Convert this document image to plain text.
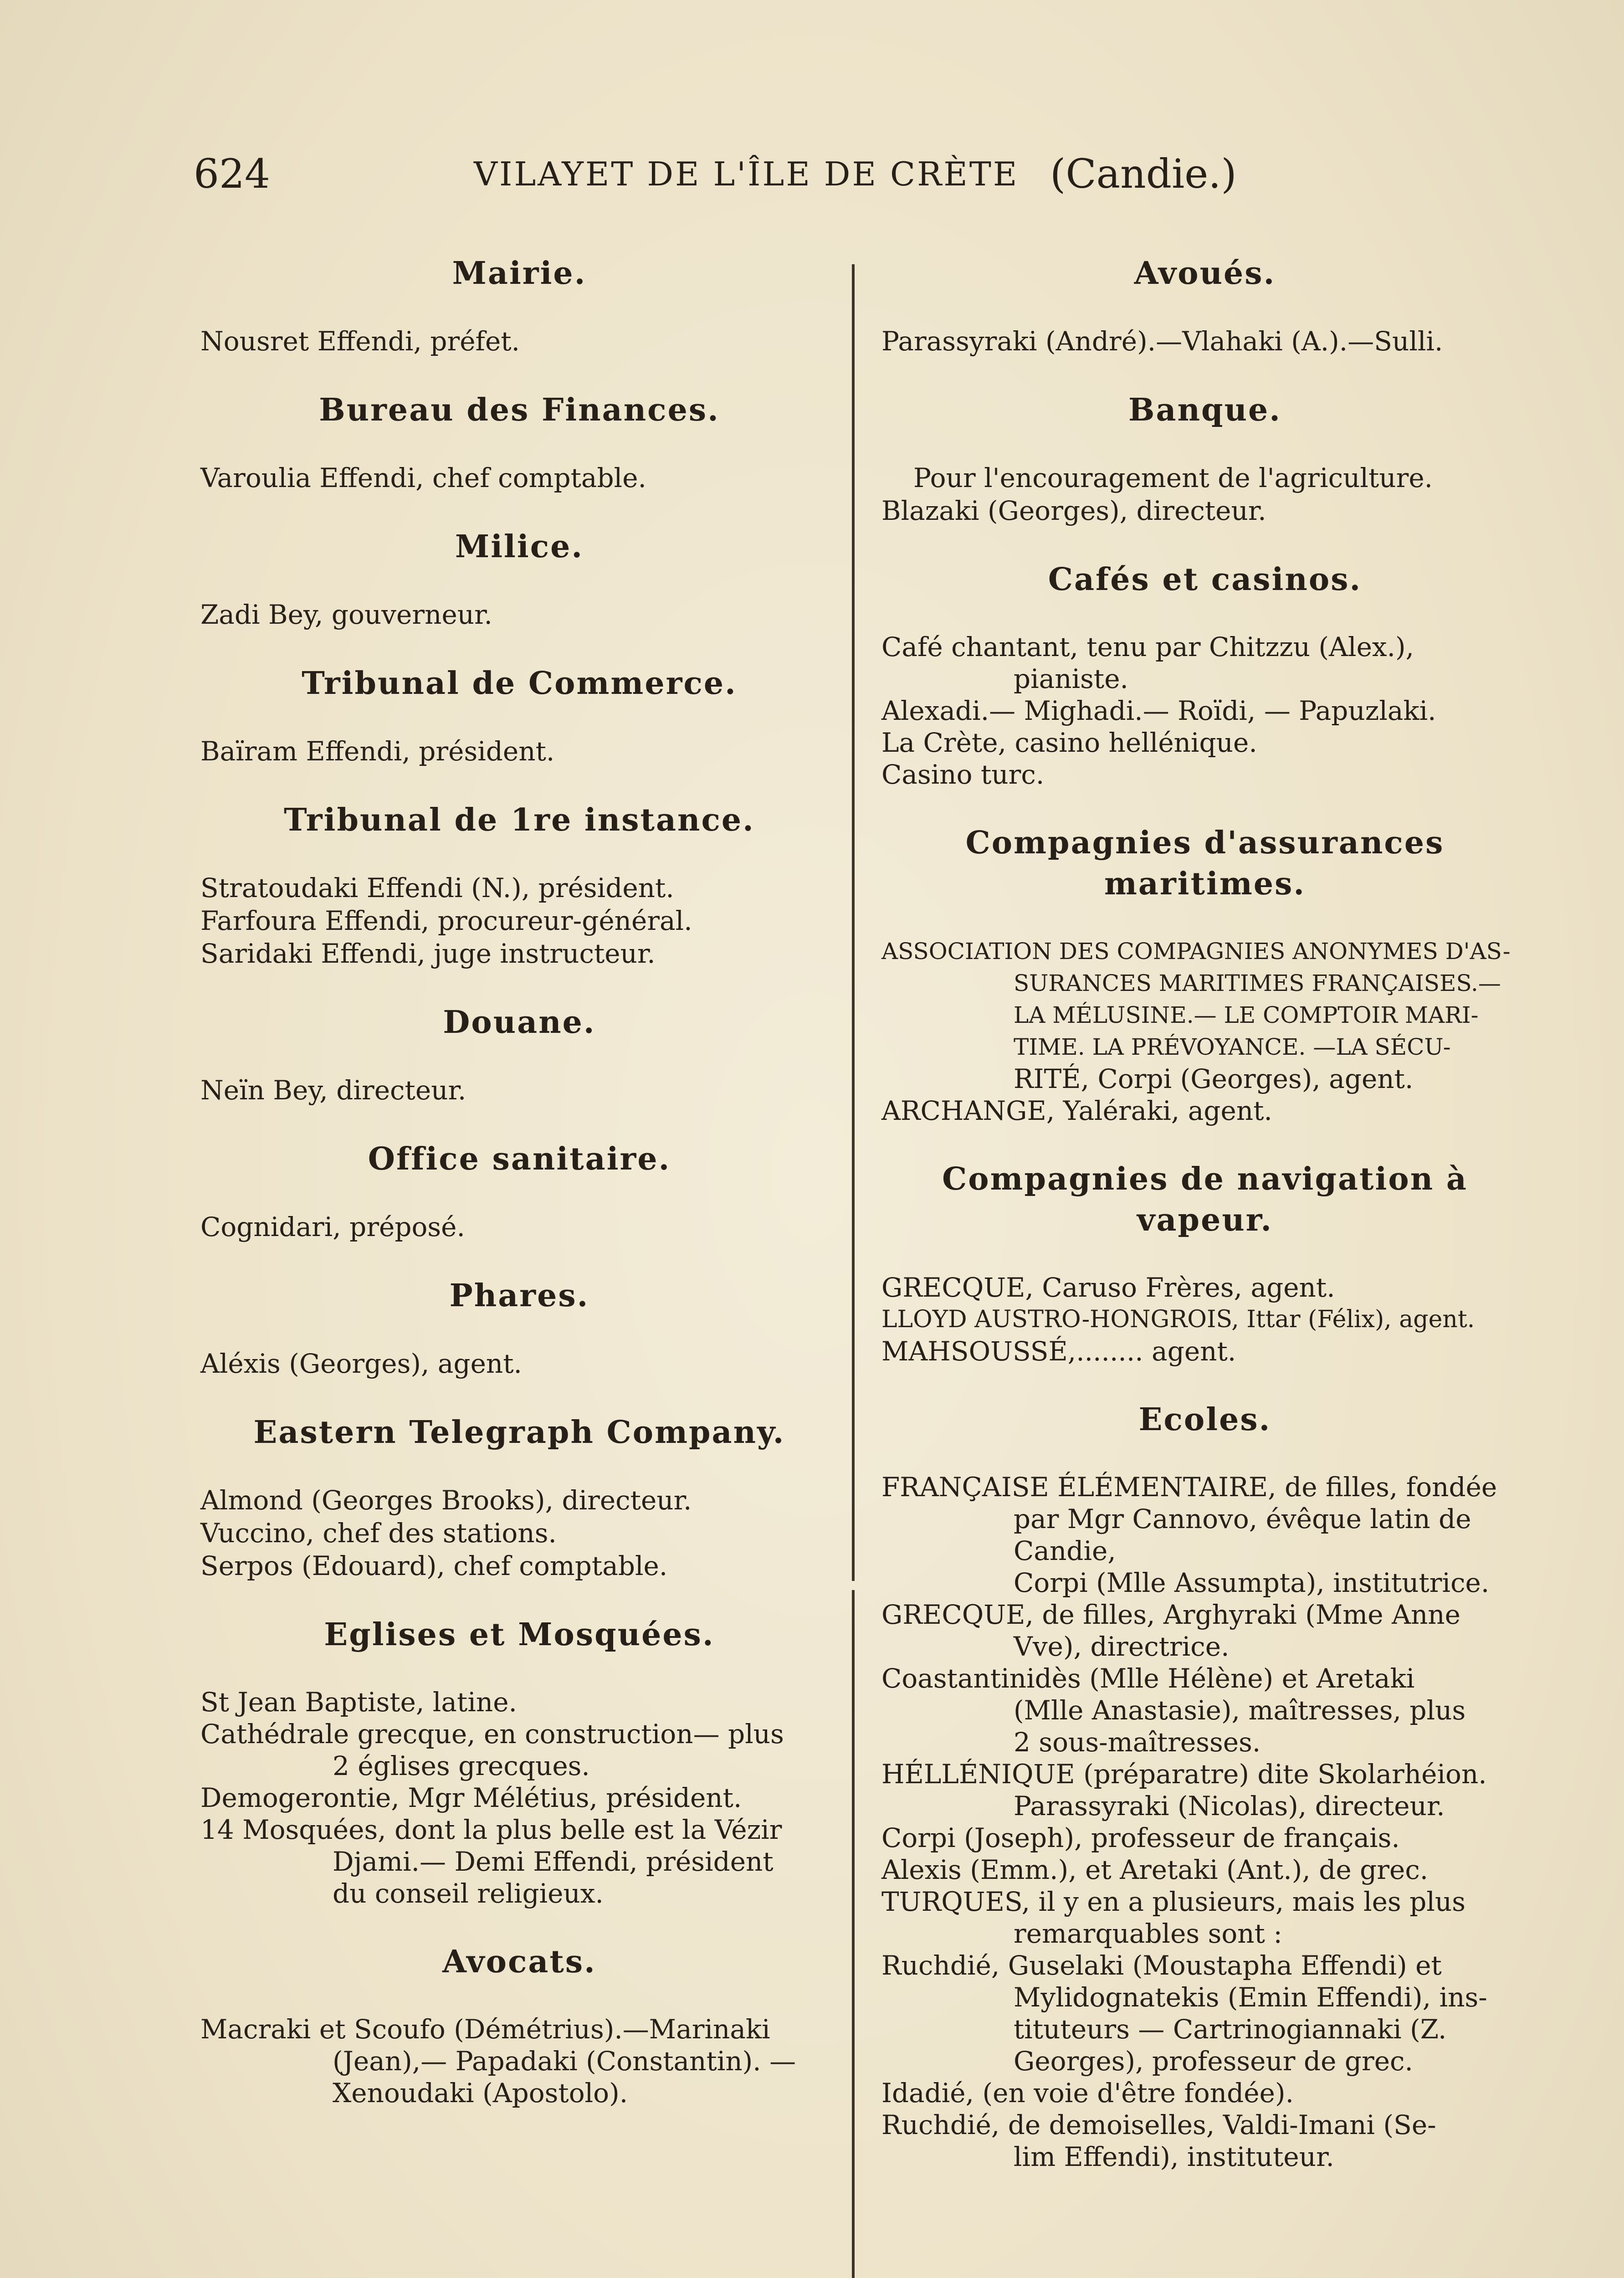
624	VILAYET DE L'ÎLE DE CRÈTE (Candie.)
Mairie.

Nousret Effendi, préfet.

Bureau des Finances.

Varoulia Effendi, chef comptable.

Milice.

Zadi Bey, gouverneur.

Tribunal de Commerce.

Baïram Effendi, président.

Tribunal de 1re instance.

Stratoudaki Effendi (N.), président.

Farfoura Effendi, procureur-général.

Saridaki Effendi, juge instructeur.

Douane.

Neïn Bey, directeur.

Office sanitaire.

Cognidari, préposé.

Phares.

Aléxis (Georges), agent.

Eastern Telegraph Company.

Almond (Georges Brooks), directeur.

Vuccino, chef des stations.

Serpos (Edouard), chef comptable.

Eglises et Mosquées.

St Jean Baptiste, latine.

Cathédrale grecque, en construction— plus

2 églises grecques.

Demogerontie, Mgr Mélétius, président.

14 Mosquées, dont la plus belle est la Vézir

Djami.— Demi Effendi, président

du conseil religieux.

Avocats.

Macraki et Scoufo (Démétrius).—Marinaki

(Jean),— Papadaki (Constantin). —

Xenoudaki (Apostolo).

Avoués.

Parassyraki (André).—Vlahaki (A.).—Sulli.

Banque.

Pour l'encouragement de l'agriculture.

Blazaki (Georges), directeur.

Cafés et casinos.

Café chantant, tenu par Chitzzu (Alex.),

pianiste.

Alexadi.— Mighadi.— Roïdi, — Papuzlaki.

La Crète, casino hellénique.

Casino turc.

Compagnies d'assurances maritimes.

ASSOCIATION DES COMPAGNIES ANONYMES D'AS-

SURANCES MARITIMES FRANÇAISES.—

LA MÉLUSINE.— LE COMPTOIR MARI-

TIME. LA PRÉVOYANCE. —LA SÉCU-

RITÉ, Corpi (Georges), agent.

ARCHANGE, Yaléraki, agent.

Compagnies de navigation à vapeur.

GRECQUE, Caruso Frères, agent.

LLOYD AUSTRO-HONGROIS, Ittar (Félix), agent.

MAHSOUSSÉ,........ agent.

Ecoles.

FRANÇAISE ÉLÉMENTAIRE, de filles, fondée

par Mgr Cannovo, évêque latin de

Candie,

Corpi (Mlle Assumpta), institutrice.

GRECQUE, de filles, Arghyraki (Mme Anne

Vve), directrice.

Coastantinidès (Mlle Hélène) et Aretaki

(Mlle Anastasie), maîtresses, plus

2 sous-maîtresses.

HÉLLÉNIQUE (préparatre) dite Skolarhéion.

Parassyraki (Nicolas), directeur.

Corpi (Joseph), professeur de français.

Alexis (Emm.), et Aretaki (Ant.), de grec.

TURQUES, il y en a plusieurs, mais les plus

remarquables sont :

Ruchdié, Guselaki (Moustapha Effendi) et

Mylidognatekis (Emin Effendi), ins-

tituteurs — Cartrinogiannaki (Z.

Georges), professeur de grec.

Idadié, (en voie d'être fondée).

Ruchdié, de demoiselles, Valdi-Imani (Se-

lim Effendi), instituteur.
